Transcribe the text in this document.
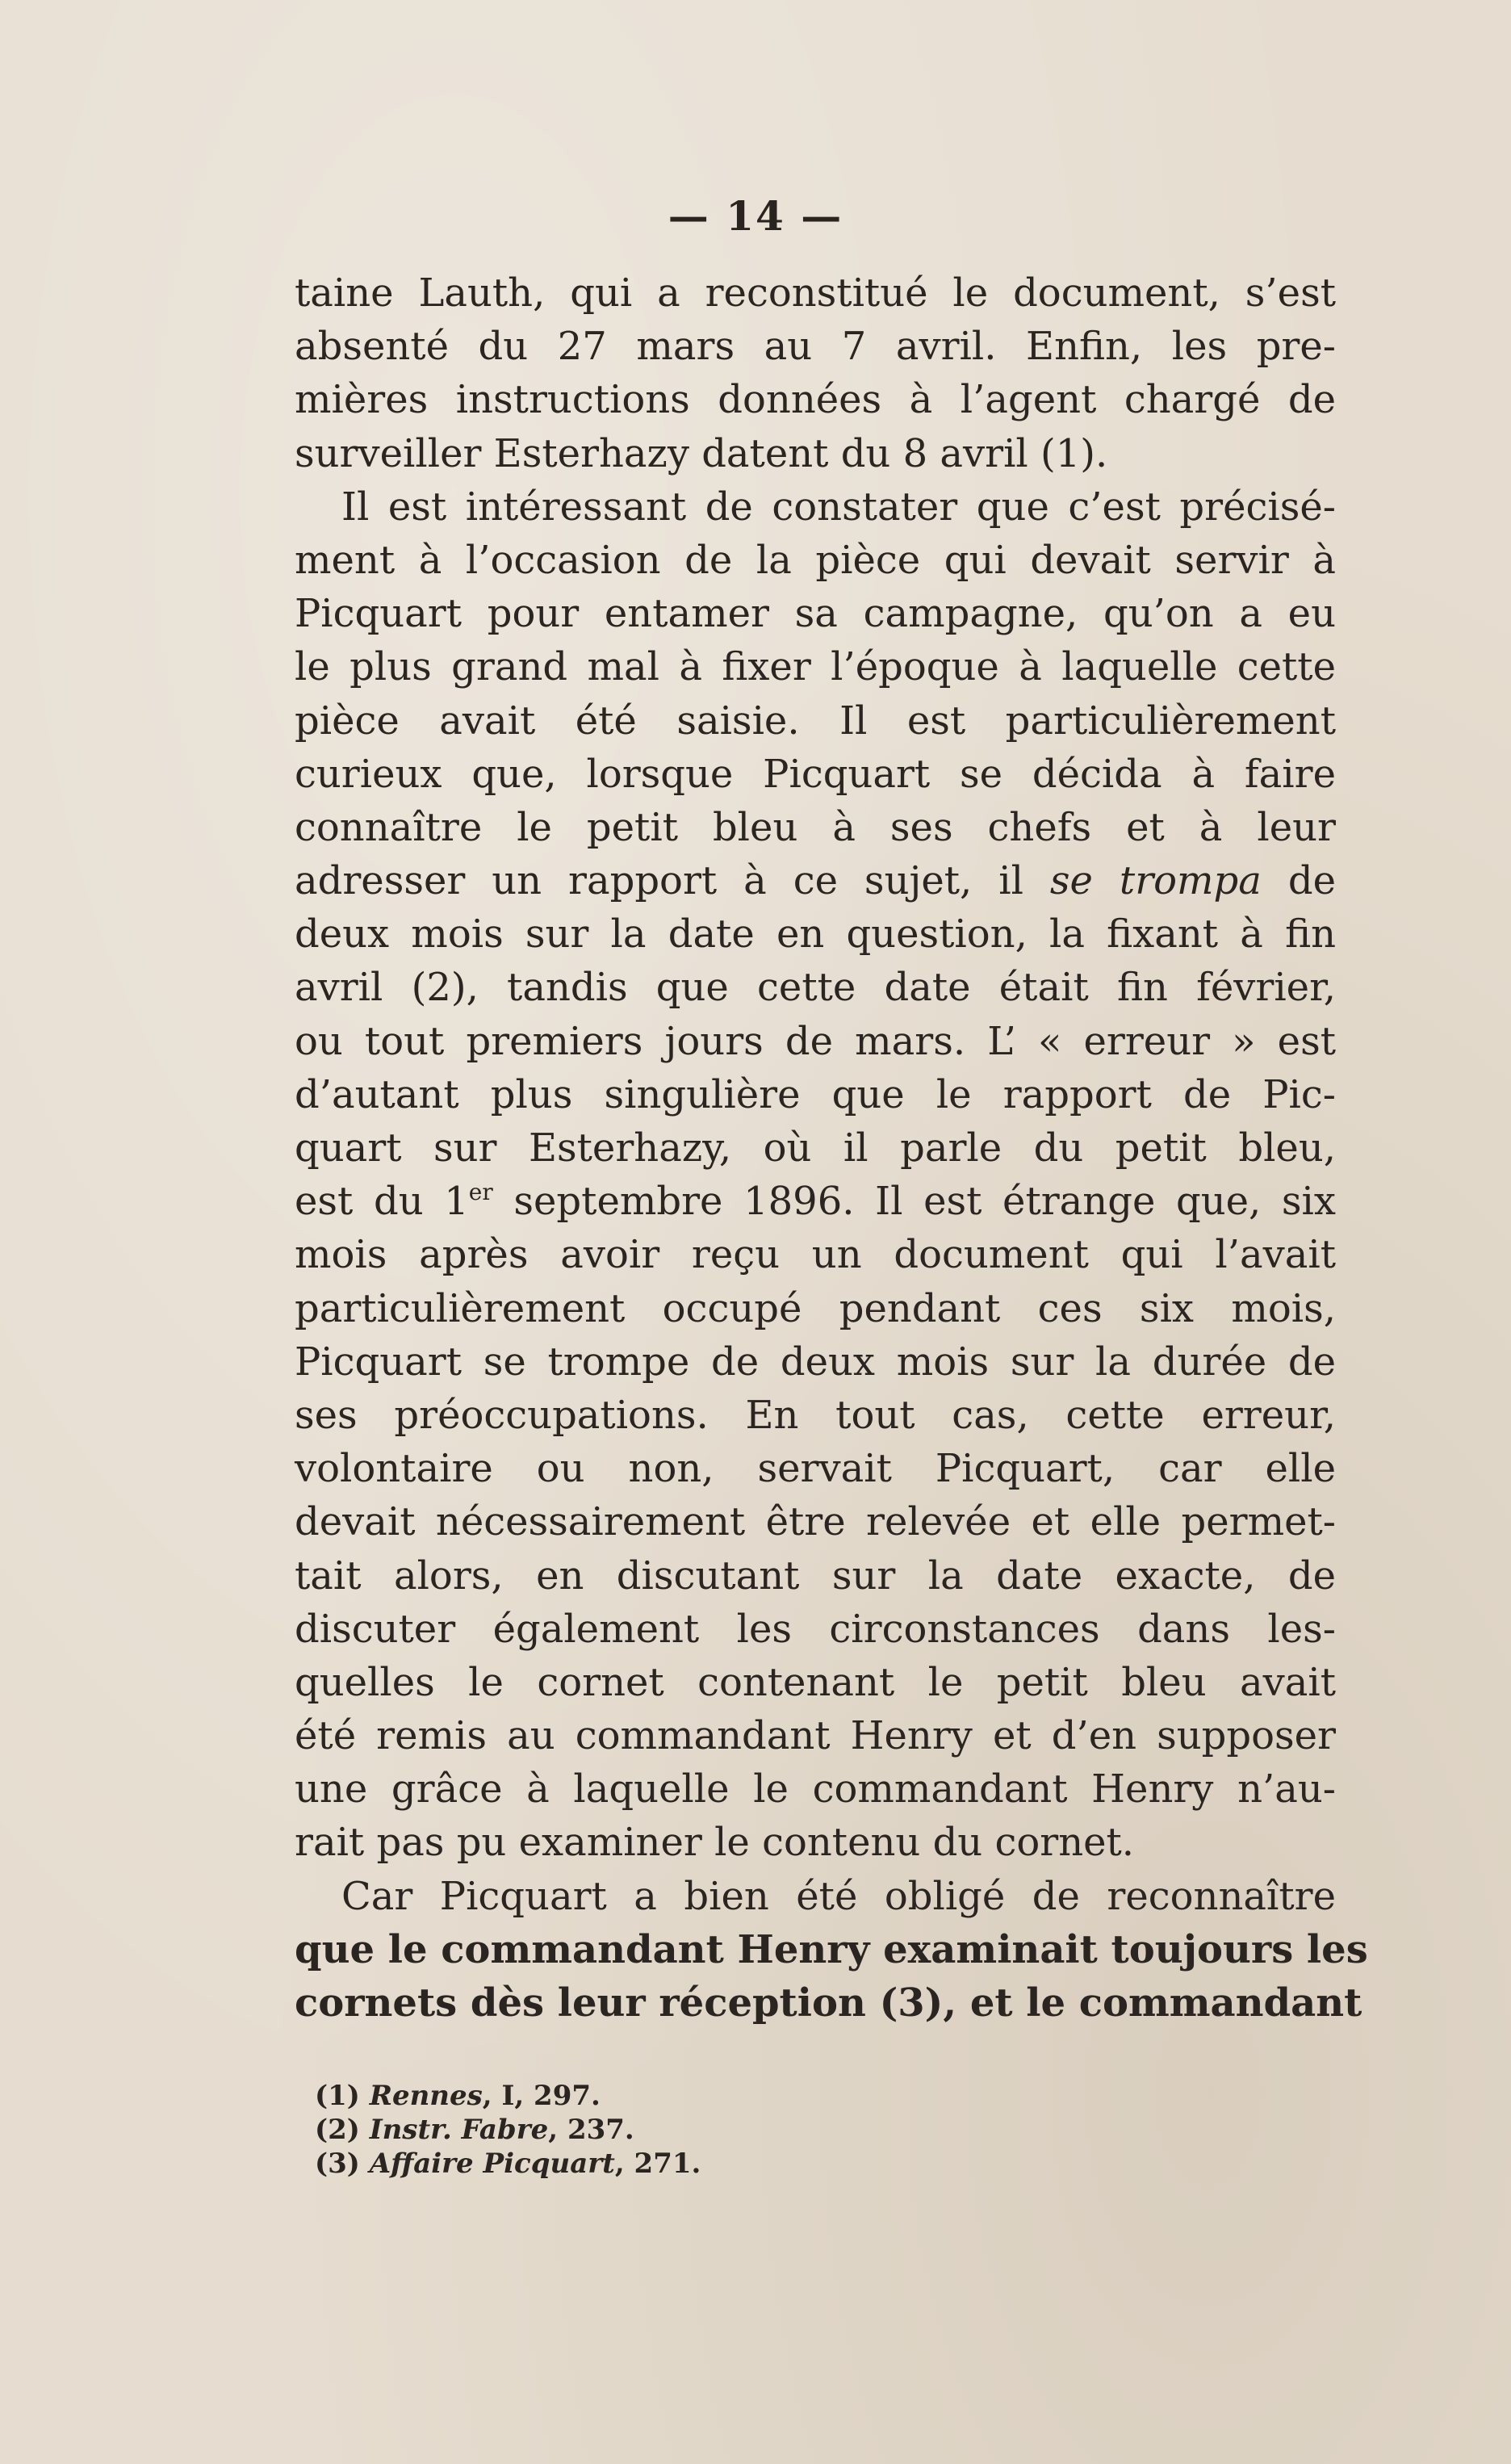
— 14 —
taine Lauth, qui a reconstitué le document, s’est
absenté du 27 mars au 7 avril. Enfin, les pre-
mières instructions données à l’agent chargé de
surveiller Esterhazy datent du 8 avril (1).
Il est intéressant de constater que c’est précisé-
ment à l’occasion de la pièce qui devait servir à
Picquart pour entamer sa campagne, qu’on a eu
le plus grand mal à fixer l’époque à laquelle cette
pièce avait été saisie. Il est particulièrement
curieux que, lorsque Picquart se décida à faire
connaître le petit bleu à ses chefs et à leur
adresser un rapport à ce sujet, il se trompa de
deux mois sur la date en question, la fixant à fin
avril (2), tandis que cette date était fin février,
ou tout premiers jours de mars. L’ « erreur » est
d’autant plus singulière que le rapport de Pic-
quart sur Esterhazy, où il parle du petit bleu,
est du 1er septembre 1896. Il est étrange que, six
mois après avoir reçu un document qui l’avait
particulièrement occupé pendant ces six mois,
Picquart se trompe de deux mois sur la durée de
ses préoccupations. En tout cas, cette erreur,
volontaire ou non, servait Picquart, car elle
devait nécessairement être relevée et elle permet-
tait alors, en discutant sur la date exacte, de
discuter également les circonstances dans les-
quelles le cornet contenant le petit bleu avait
été remis au commandant Henry et d’en supposer
une grâce à laquelle le commandant Henry n’au-
rait pas pu examiner le contenu du cornet.
Car Picquart a bien été obligé de reconnaître
que le commandant Henry examinait toujours les
cornets dès leur réception (3), et le commandant
(1) Rennes, I, 297.
(2) Instr. Fabre, 237.
(3) Affaire Picquart, 271.
